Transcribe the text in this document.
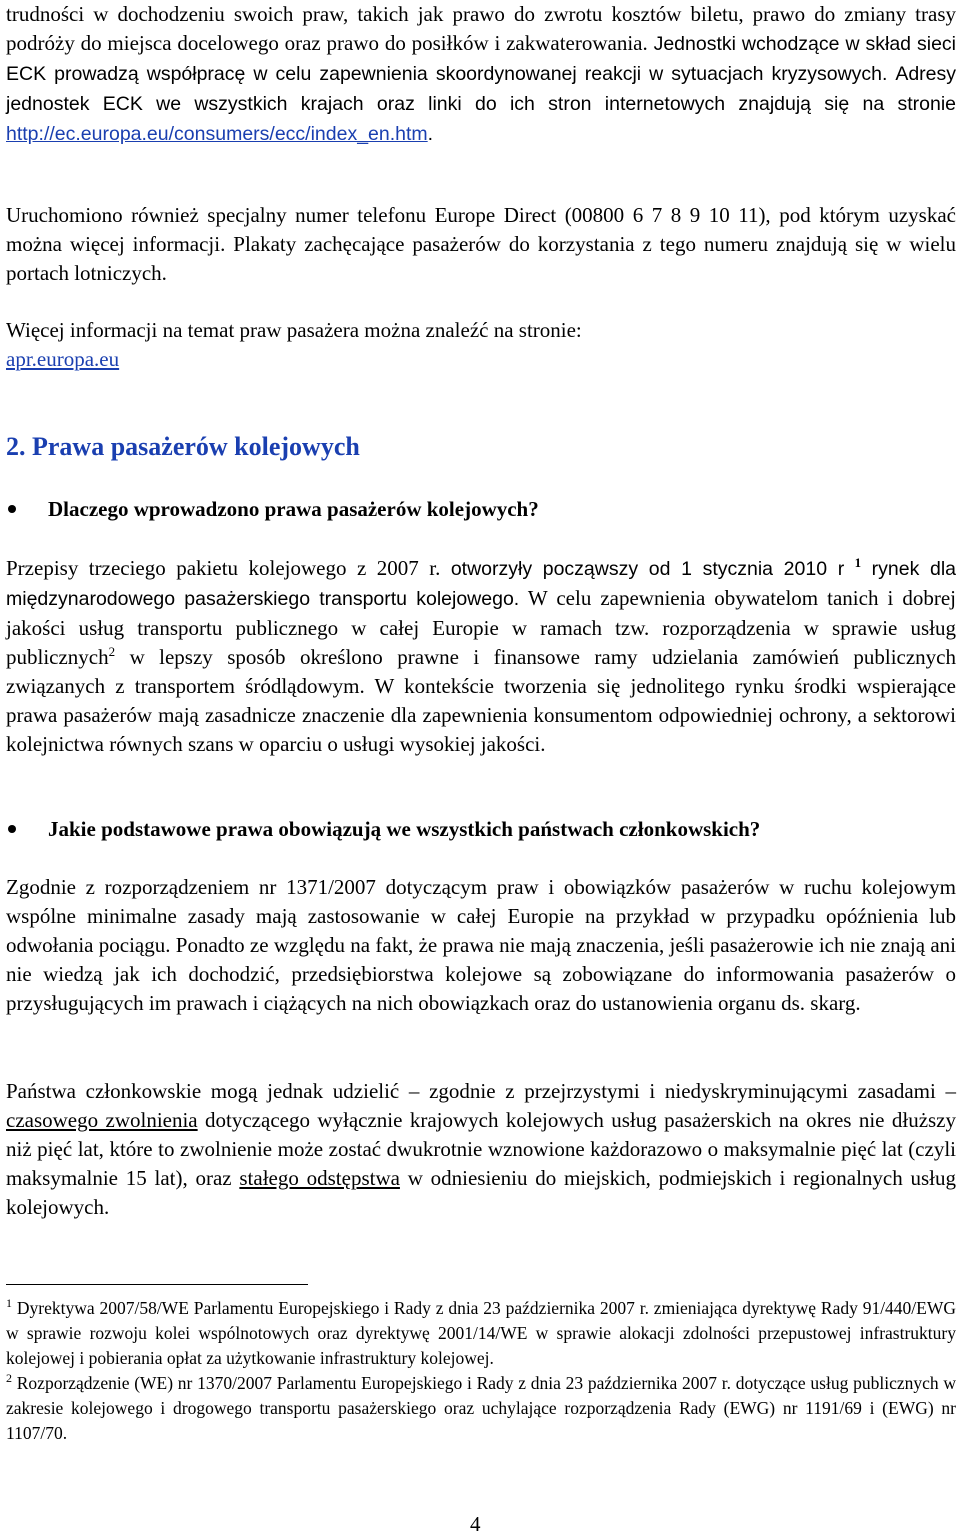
trudności w dochodzeniu swoich praw, takich jak prawo do zwrotu kosztów biletu, prawo do zmiany trasy podróży do miejsca docelowego oraz prawo do posiłków i zakwaterowania. Jednostki wchodzące w skład sieci ECK prowadzą współpracę w celu zapewnienia skoordynowanej reakcji w sytuacjach kryzysowych. Adresy jednostek ECK we wszystkich krajach oraz linki do ich stron internetowych znajdują się na stronie http://ec.europa.eu/consumers/ecc/index_en.htm.

Uruchomiono również specjalny numer telefonu Europe Direct (00800 6 7 8 9 10 11), pod którym uzyskać można więcej informacji. Plakaty zachęcające pasażerów do korzystania z tego numeru znajdują się w wielu portach lotniczych.

Więcej informacji na temat praw pasażera można znaleźć na stronie:
apr.europa.eu

2. Prawa pasażerów kolejowych
Dlaczego wprowadzono prawa pasażerów kolejowych?

Przepisy trzeciego pakietu kolejowego z 2007 r. otworzyły począwszy od 1 stycznia 2010 r $^1$ rynek dla międzynarodowego pasażerskiego transportu kolejowego. W celu zapewnienia obywatelom tanich i dobrej jakości usług transportu publicznego w całej Europie w ramach tzw. rozporządzenia w sprawie usług publicznych$^2$ w lepszy sposób określono prawne i finansowe ramy udzielania zamówień publicznych związanych z transportem śródlądowym. W kontekście tworzenia się jednolitego rynku środki wspierające prawa pasażerów mają zasadnicze znaczenie dla zapewnienia konsumentom odpowiedniej ochrony, a sektorowi kolejnictwa równych szans w oparciu o usługi wysokiej jakości.

Jakie podstawowe prawa obowiązują we wszystkich państwach członkowskich?

Zgodnie z rozporządzeniem nr 1371/2007 dotyczącym praw i obowiązków pasażerów w ruchu kolejowym wspólne minimalne zasady mają zastosowanie w całej Europie na przykład w przypadku opóźnienia lub odwołania pociągu. Ponadto ze względu na fakt, że prawa nie mają znaczenia, jeśli pasażerowie ich nie znają ani nie wiedzą jak ich dochodzić, przedsiębiorstwa kolejowe są zobowiązane do informowania pasażerów o przysługujących im prawach i ciążących na nich obowiązkach oraz do ustanowienia organu ds. skarg.

Państwa członkowskie mogą jednak udzielić – zgodnie z przejrzystymi i niedyskryminującymi zasadami – czasowego zwolnienia dotyczącego wyłącznie krajowych kolejowych usług pasażerskich na okres nie dłuższy niż pięć lat, które to zwolnienie może zostać dwukrotnie wznowione każdorazowo o maksymalnie pięć lat (czyli maksymalnie 15 lat), oraz stałego odstępstwa w odniesieniu do miejskich, podmiejskich i regionalnych usług kolejowych.

$^1$ Dyrektywa 2007/58/WE Parlamentu Europejskiego i Rady z dnia 23 października 2007 r. zmieniająca dyrektywę Rady 91/440/EWG w sprawie rozwoju kolei wspólnotowych oraz dyrektywę 2001/14/WE w sprawie alokacji zdolności przepustowej infrastruktury kolejowej i pobierania opłat za użytkowanie infrastruktury kolejowej.

$^2$ Rozporządzenie (WE) nr 1370/2007 Parlamentu Europejskiego i Rady z dnia 23 października 2007 r. dotyczące usług publicznych w zakresie kolejowego i drogowego transportu pasażerskiego oraz uchylające rozporządzenia Rady (EWG) nr 1191/69 i (EWG) nr 1107/70.

4
